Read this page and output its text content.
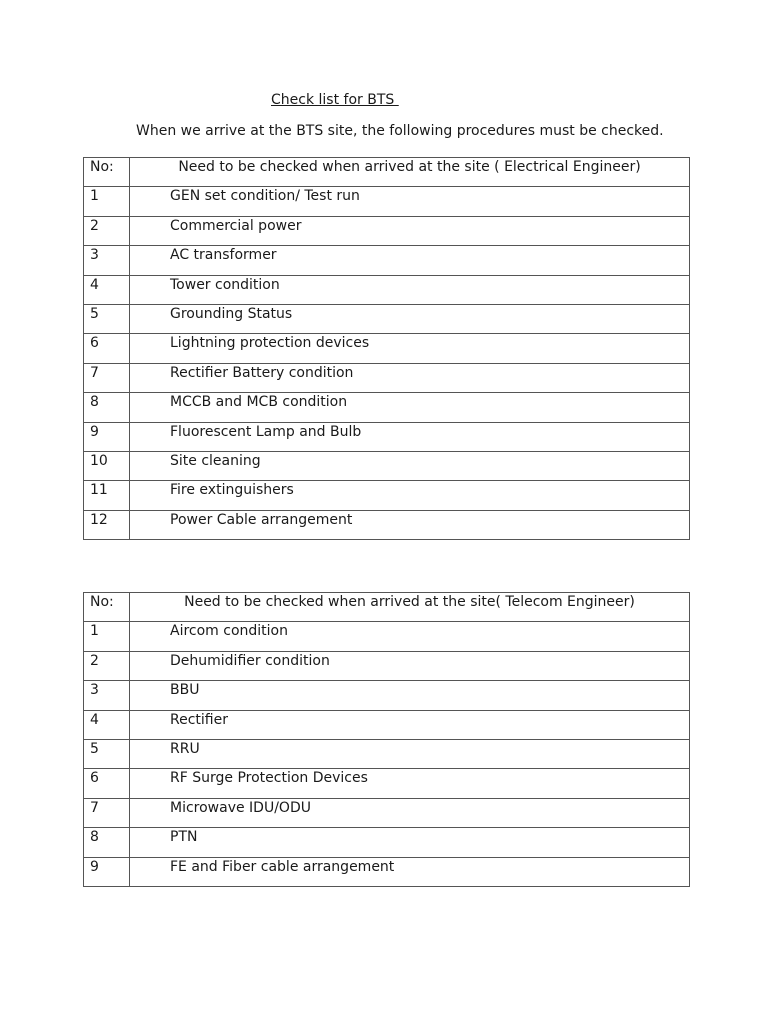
Check list for BTS

When we arrive at the BTS site, the following procedures must be checked.

No:	Need to be checked when arrived at the site ( Electrical Engineer)
1	GEN set condition/ Test run
2	Commercial power
3	AC transformer
4	Tower condition
5	Grounding Status
6	Lightning protection devices
7	Rectifier Battery condition
8	MCCB and MCB condition
9	Fluorescent Lamp and Bulb
10	Site cleaning
11	Fire extinguishers
12	Power Cable arrangement
No:	Need to be checked when arrived at the site( Telecom Engineer)
1	Aircom condition
2	Dehumidifier condition
3	BBU
4	Rectifier
5	RRU
6	RF Surge Protection Devices
7	Microwave IDU/ODU
8	PTN
9	FE and Fiber cable arrangement
